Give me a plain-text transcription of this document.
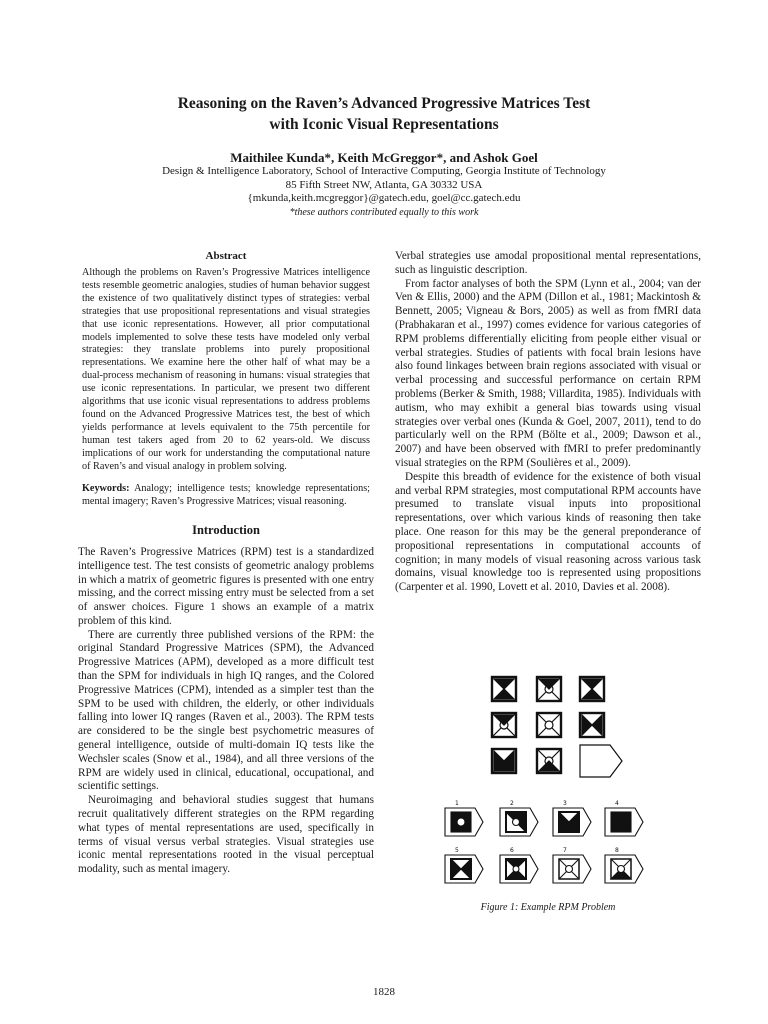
Reasoning on the Raven’s Advanced Progressive Matrices Test
with Iconic Visual Representations
Maithilee Kunda*, Keith McGreggor*, and Ashok Goel
Design & Intelligence Laboratory, School of Interactive Computing, Georgia Institute of Technology
85 Fifth Street NW, Atlanta, GA 30332 USA
{mkunda,keith.mcgreggor}@gatech.edu, goel@cc.gatech.edu
*these authors contributed equally to this work
Abstract

Although the problems on Raven’s Progressive Matrices intelligence tests resemble geometric analogies, studies of human behavior suggest the existence of two qualitatively distinct types of strategies: verbal strategies that use propositional representations and visual strategies that use iconic representations. However, all prior computational models implemented to solve these tests have modeled only verbal strategies: they translate problems into purely propositional representations. We examine here the other half of what may be a dual-process mechanism of reasoning in humans: visual strategies that use iconic representations. In particular, we present two different algorithms that use iconic visual representations to address problems found on the Advanced Progressive Matrices test, the best of which yields performance at levels equivalent to the 75th percentile for human test takers aged from 20 to 62 years-old. We discuss implications of our work for understanding the computational nature of Raven’s and visual analogy in problem solving.

Keywords: Analogy; intelligence tests; knowledge representations; mental imagery; Raven’s Progressive Matrices; visual reasoning.

Introduction

The Raven’s Progressive Matrices (RPM) test is a standardized intelligence test. The test consists of geometric analogy problems in which a matrix of geometric figures is presented with one entry missing, and the correct missing entry must be selected from a set of answer choices. Figure 1 shows an example of a matrix problem of this kind.

There are currently three published versions of the RPM: the original Standard Progressive Matrices (SPM), the Advanced Progressive Matrices (APM), developed as a more difficult test than the SPM for individuals in high IQ ranges, and the Colored Progressive Matrices (CPM), intended as a simpler test than the SPM to be used with children, the elderly, or other individuals falling into lower IQ ranges (Raven et al., 2003). The RPM tests are considered to be the single best psychometric measures of general intelligence, outside of multi-domain IQ tests like the Wechsler scales (Snow et al., 1984), and all three versions of the RPM are widely used in clinical, educational, occupational, and scientific settings.

Neuroimaging and behavioral studies suggest that humans recruit qualitatively different strategies on the RPM regarding what types of mental representations are used, specifically in terms of visual versus verbal strategies. Visual strategies use iconic mental representations rooted in the visual perceptual modality, such as mental imagery.

Verbal strategies use amodal propositional mental representations, such as linguistic description.

From factor analyses of both the SPM (Lynn et al., 2004; van der Ven & Ellis, 2000) and the APM (Dillon et al., 1981; Mackintosh & Bennett, 2005; Vigneau & Bors, 2005) as well as from fMRI data (Prabhakaran et al., 1997) comes evidence for various categories of RPM problems differentially eliciting from people either visual or verbal strategies. Studies of patients with focal brain lesions have also found linkages between brain regions associated with visual or verbal processing and successful performance on certain RPM problems (Berker & Smith, 1988; Villardita, 1985). Individuals with autism, who may exhibit a general bias towards using visual strategies over verbal ones (Kunda & Goel, 2007, 2011), tend to do particularly well on the RPM (Bölte et al., 2009; Dawson et al., 2007) and have been observed with fMRI to prefer predominantly visual strategies on the RPM (Soulières et al., 2009).

Despite this breadth of evidence for the existence of both visual and verbal RPM strategies, most computational RPM accounts have presumed to translate visual inputs into propositional representations, over which various kinds of reasoning then take place. One reason for this may be the general preponderance of propositional representations in computational accounts of cognition; in many models of visual reasoning across various task domains, visual knowledge too is represented using propositions (Carpenter et al. 1990, Lovett et al. 2010, Davies et al. 2008).

1	2	3	4
5	6	7	8
Figure 1: Example RPM Problem
1828
